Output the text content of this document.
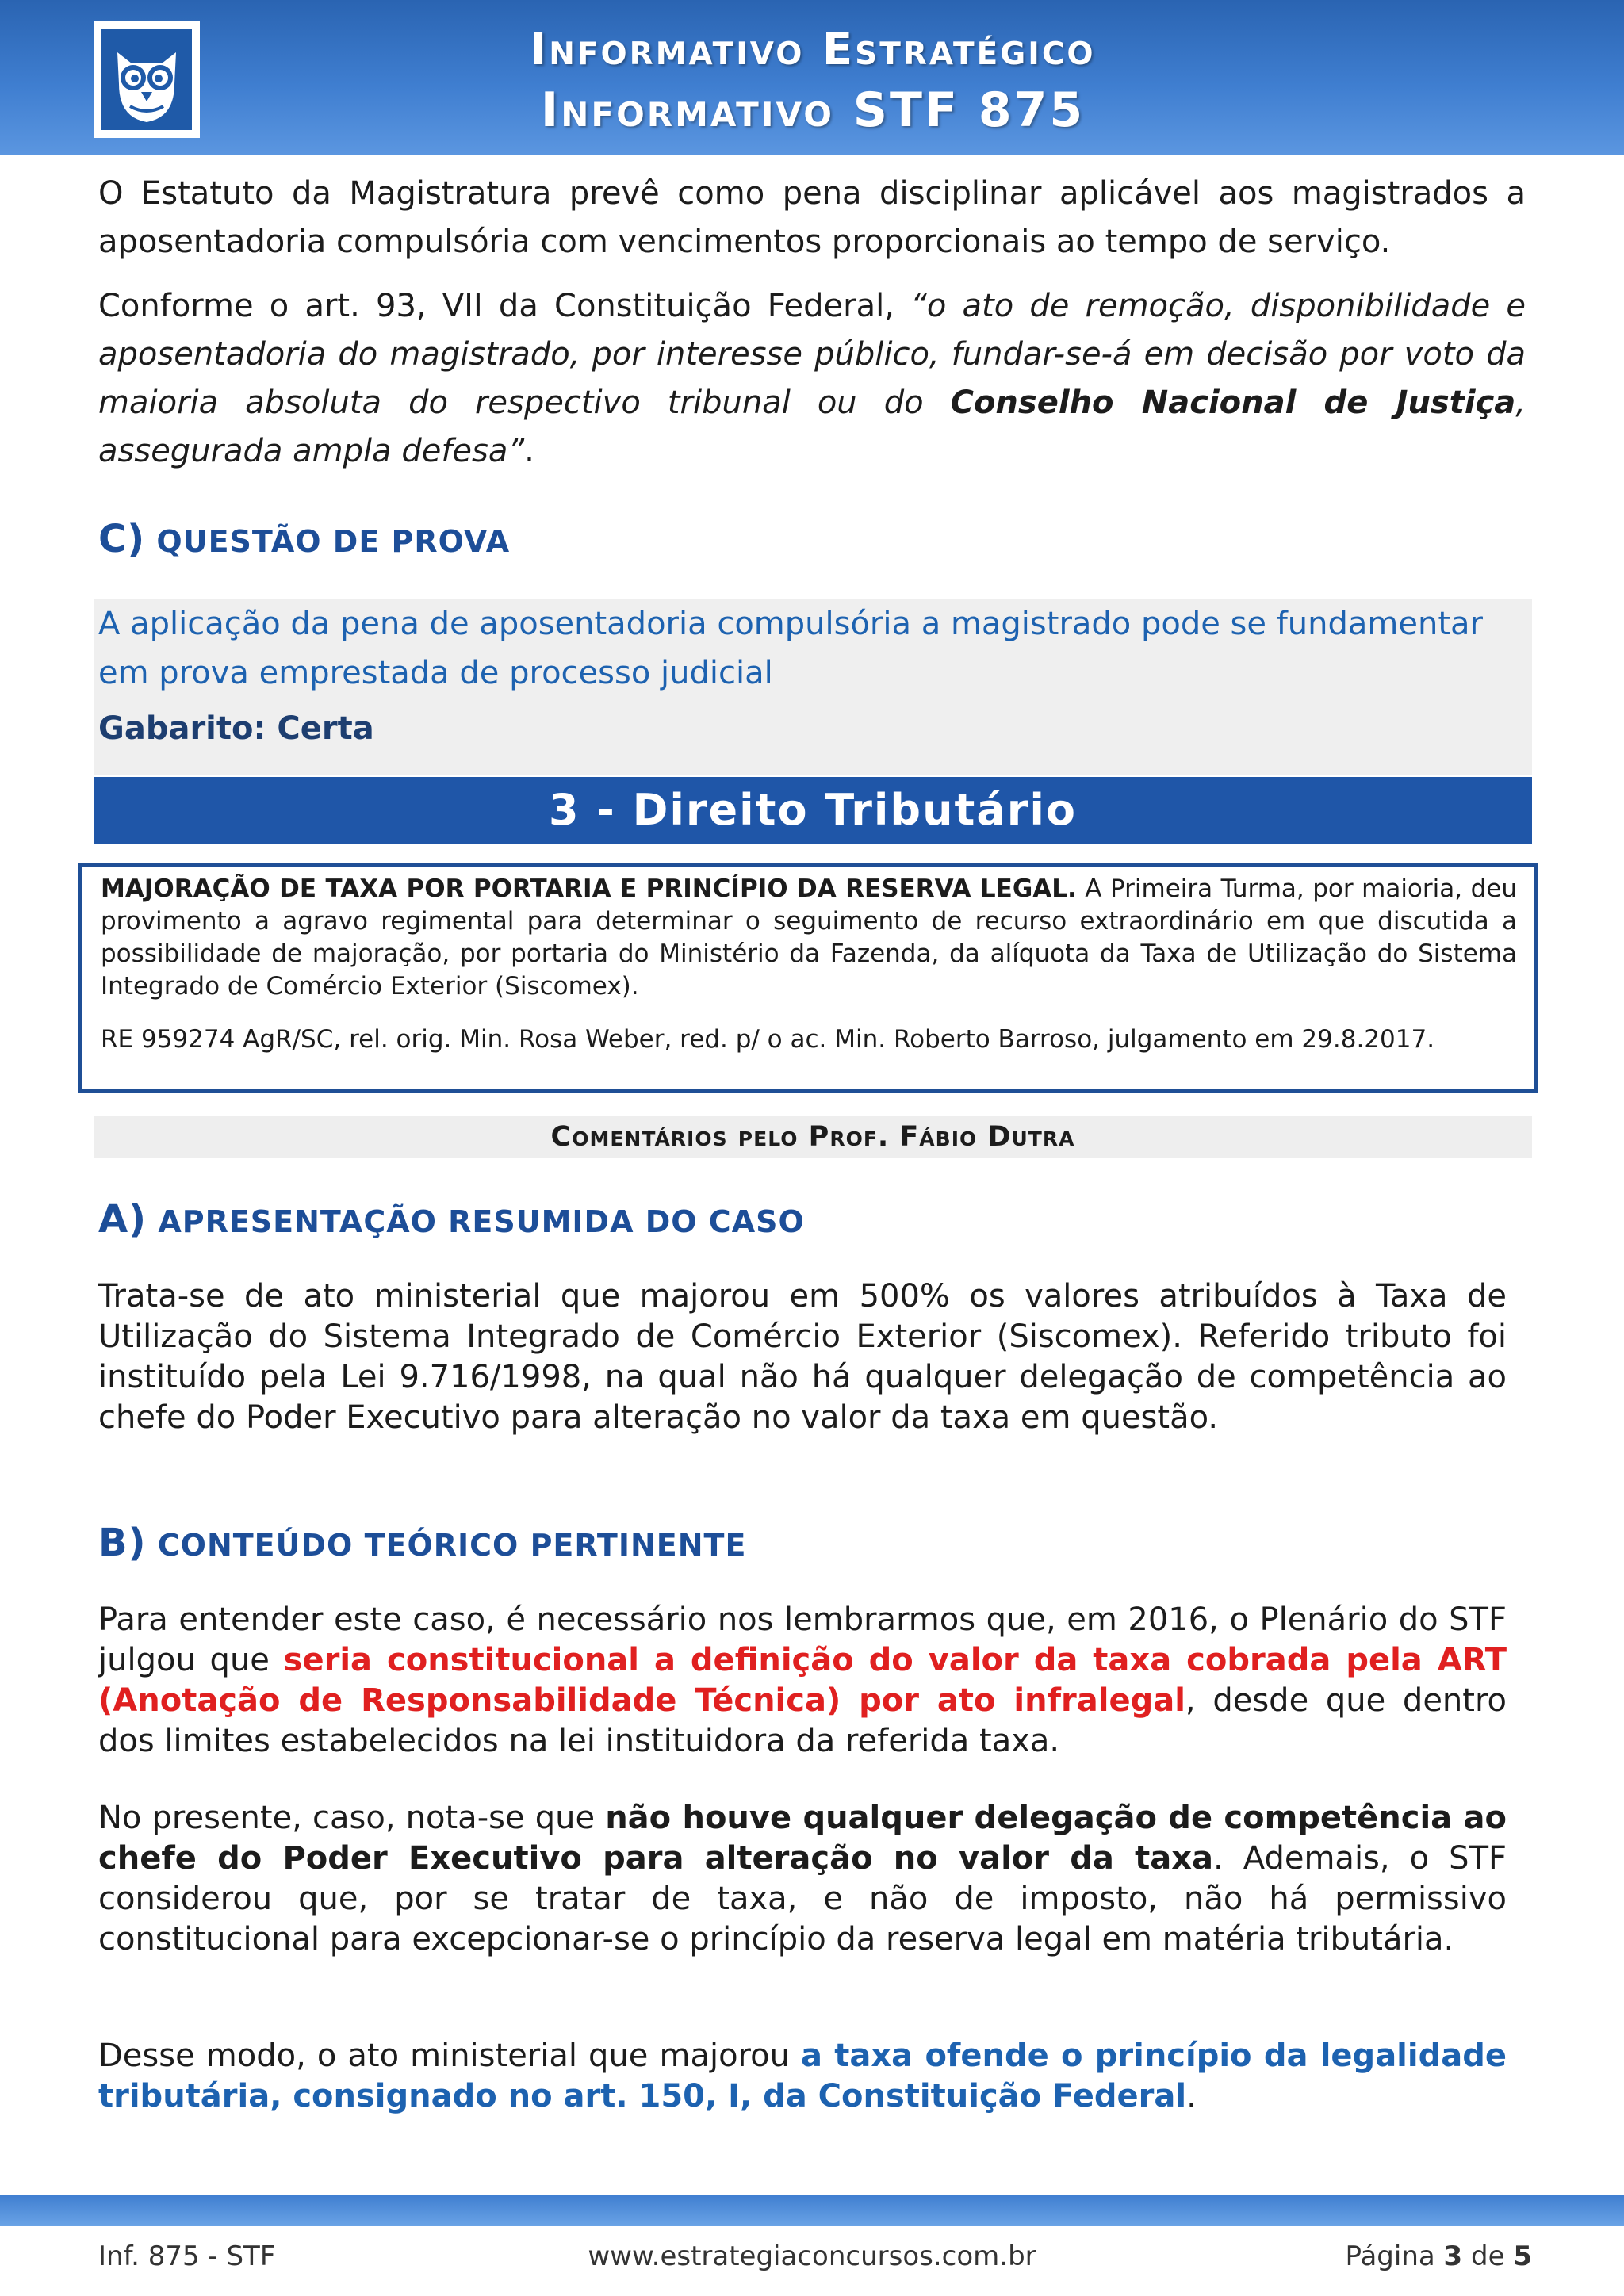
Informativo Estratégico
Informativo STF 875
O Estatuto da Magistratura prevê como pena disciplinar aplicável aos magistrados a aposentadoria compulsória com vencimentos proporcionais ao tempo de serviço.
Conforme o art. 93, VII da Constituição Federal, “o ato de remoção, disponibilidade e aposentadoria do magistrado, por interesse público, fundar-se-á em decisão por voto da maioria absoluta do respectivo tribunal ou do Conselho Nacional de Justiça, assegurada ampla defesa”.
C) QUESTÃO DE PROVA
A aplicação da pena de aposentadoria compulsória a magistrado pode se fundamentar em prova emprestada de processo judicial
Gabarito: Certa
3 - Direito Tributário
MAJORAÇÃO DE TAXA POR PORTARIA E PRINCÍPIO DA RESERVA LEGAL. A Primeira Turma, por maioria, deu provimento a agravo regimental para determinar o seguimento de recurso extraordinário em que discutida a possibilidade de majoração, por portaria do Ministério da Fazenda, da alíquota da Taxa de Utilização do Sistema Integrado de Comércio Exterior (Siscomex).
RE 959274 AgR/SC, rel. orig. Min. Rosa Weber, red. p/ o ac. Min. Roberto Barroso, julgamento em 29.8.2017.
Comentários pelo Prof. Fábio Dutra
A) APRESENTAÇÃO RESUMIDA DO CASO
Trata-se de ato ministerial que majorou em 500% os valores atribuídos à Taxa de Utilização do Sistema Integrado de Comércio Exterior (Siscomex). Referido tributo foi instituído pela Lei 9.716/1998, na qual não há qualquer delegação de competência ao chefe do Poder Executivo para alteração no valor da taxa em questão.
B) CONTEÚDO TEÓRICO PERTINENTE
Para entender este caso, é necessário nos lembrarmos que, em 2016, o Plenário do STF julgou que seria constitucional a definição do valor da taxa cobrada pela ART (Anotação de Responsabilidade Técnica) por ato infralegal, desde que dentro dos limites estabelecidos na lei instituidora da referida taxa.
No presente, caso, nota-se que não houve qualquer delegação de competência ao chefe do Poder Executivo para alteração no valor da taxa. Ademais, o STF considerou que, por se tratar de taxa, e não de imposto, não há permissivo constitucional para excepcionar-se o princípio da reserva legal em matéria tributária.
Desse modo, o ato ministerial que majorou a taxa ofende o princípio da legalidade tributária, consignado no art. 150, I, da Constituição Federal.
Inf. 875 - STF	www.estrategiaconcursos.com.br	Página 3 de 5
